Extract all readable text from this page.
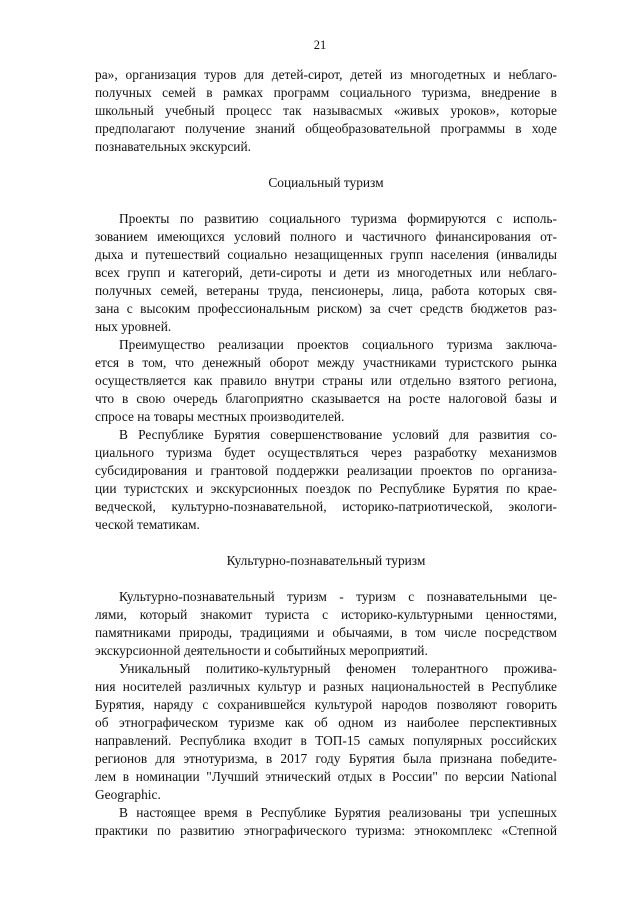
21

ра», организация туров для детей-сирот, детей из многодетных и неблаго-
получных семей в рамках программ социального туризма, внедрение в
школьный учебный процесс так называсмых «живых уроков», которые
предполагают получение знаний общеобразовательной программы в ходе
познавательных экскурсий.

Социальный туризм

Проекты по развитию социального туризма формируются с исполь-
зованием имеющихся условий полного и частичного финансирования от-
дыха и путешествий социально незащищенных групп населения (инвалиды
всех групп и категорий, дети-сироты и дети из многодетных или неблаго-
получных семей, ветераны труда, пенсионеры, лица, работа которых свя-
зана с высоким профессиональным риском) за счет средств бюджетов раз-
ных уровней.

Преимущество реализации проектов социального туризма заключа-
ется в том, что денежный оборот между участниками туристского рынка
осуществляется как правило внутри страны или отдельно взятого региона,
что в свою очередь благоприятно сказывается на росте налоговой базы и
спросе на товары местных производителей.

В Республике Бурятия совершенствование условий для развития со-
циального туризма будет осуществляться через разработку механизмов
субсидирования и грантовой поддержки реализации проектов по организа-
ции туристских и экскурсионных поездок по Республике Бурятия по крае-
ведческой, культурно-познавательной, историко-патриотической, экологи-
ческой тематикам.

Культурно-познавательный туризм

Культурно-познавательный туризм - туризм с познавательными це-
лями, который знакомит туриста с историко-культурными ценностями,
памятниками природы, традициями и обычаями, в том числе посредством
экскурсионной деятельности и событийных мероприятий.

Уникальный политико-культурный феномен толерантного прожива-
ния носителей различных культур и разных национальностей в Республике
Бурятия, наряду с сохранившейся культурой народов позволяют говорить
об этнографическом туризме как об одном из наиболее перспективных
направлений. Республика входит в ТОП-15 самых популярных российских
регионов для этнотуризма, в 2017 году Бурятия была признана победите-
лем в номинации "Лучший этнический отдых в России" по версии National
Geographic.

В настоящее время в Республике Бурятия реализованы три успешных
практики по развитию этнографического туризма: этнокомплекс «Степной
